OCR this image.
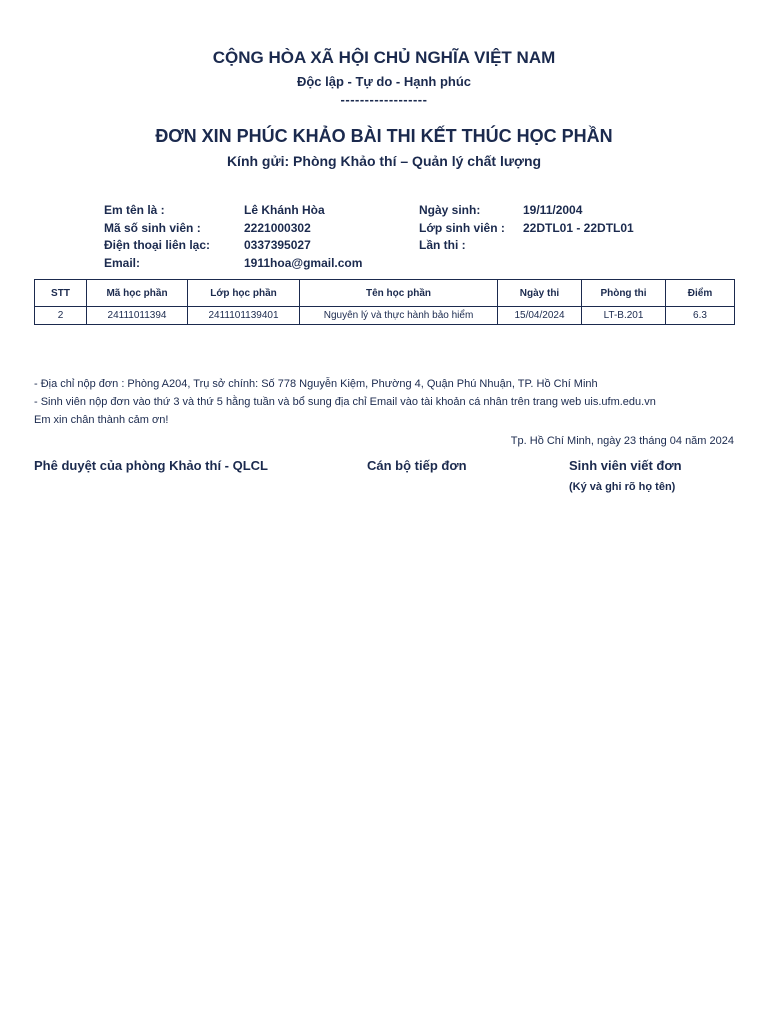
CỘNG HÒA XÃ HỘI CHỦ NGHĨA VIỆT NAM
Độc lập - Tự do - Hạnh phúc
------------------
ĐƠN XIN PHÚC KHẢO BÀI THI KẾT THÚC HỌC PHẦN
Kính gửi: Phòng Khảo thí – Quản lý chất lượng
Em tên là :	Lê Khánh Hòa	Ngày sinh:	19/11/2004
Mã số sinh viên :	2221000302	Lớp sinh viên : 22DTL01 - 22DTL01
Điện thoại liên lạc:	0337395027	Lần thi :
Email:	1911hoa@gmail.com
STT	Mã học phần	Lớp học phần	Tên học phần	Ngày thi	Phòng thi	Điểm
2	24111011394	2411101139401	Nguyên lý và thực hành bảo hiểm	15/04/2024	LT-B.201	6.3
- Địa chỉ nộp đơn : Phòng A204, Trụ sở chính: Số 778 Nguyễn Kiệm, Phường 4, Quận Phú Nhuận, TP. Hồ Chí Minh
- Sinh viên nộp đơn vào thứ 3 và thứ 5 hằng tuần và bổ sung địa chỉ Email vào tài khoản cá nhân trên trang web uis.ufm.edu.vn
Em xin chân thành cảm ơn!
Tp. Hồ Chí Minh, ngày 23 tháng 04 năm 2024
Phê duyệt của phòng Khảo thí - QLCL	Cán bộ tiếp đơn	Sinh viên viết đơn
(Ký và ghi rõ họ tên)
